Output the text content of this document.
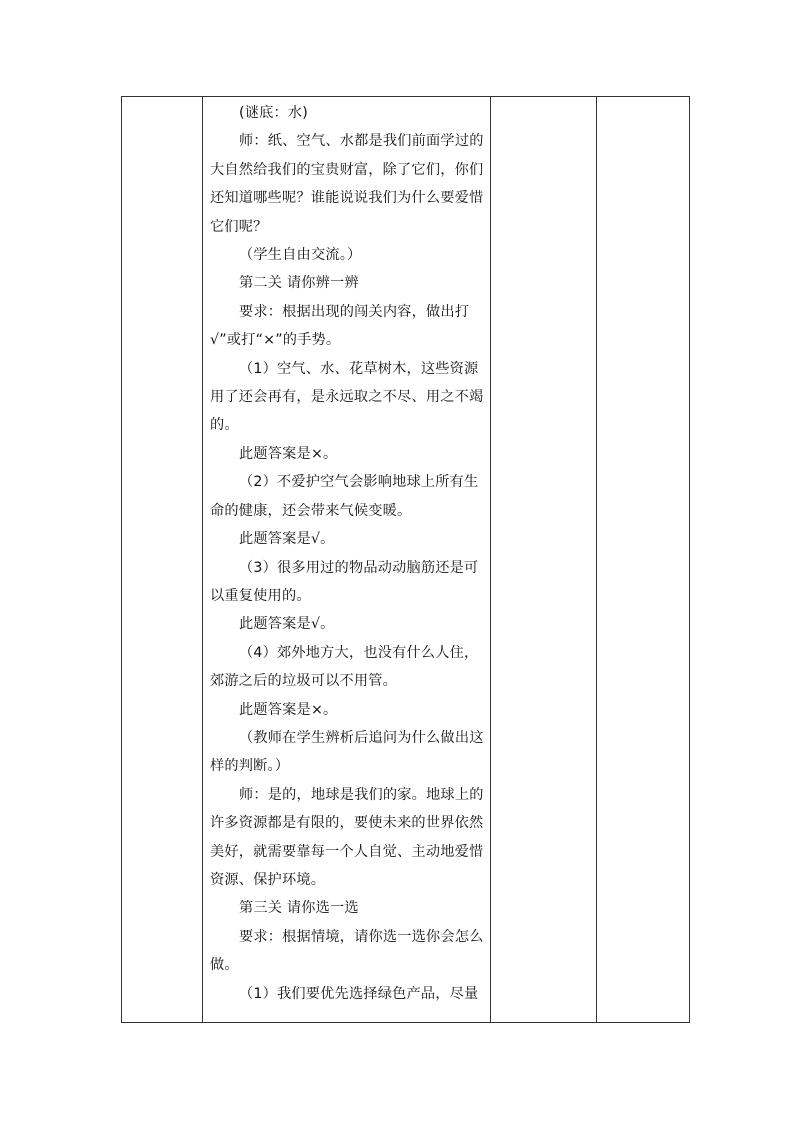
(谜底：水)

师：纸、空气、水都是我们前面学过的大自然给我们的宝贵财富，除了它们，你们还知道哪些呢？谁能说说我们为什么要爱惜它们呢？

（学生自由交流。）

第二关 请你辨一辨

要求：根据出现的闯关内容，做出打√”或打“×”的手势。

（1）空气、水、花草树木，这些资源用了还会再有，是永远取之不尽、用之不竭的。

此题答案是×。

（2）不爱护空气会影响地球上所有生命的健康，还会带来气候变暖。

此题答案是√。

（3）很多用过的物品动动脑筋还是可以重复使用的。

此题答案是√。

（4）郊外地方大，也没有什么人住，郊游之后的垃圾可以不用管。

此题答案是×。

（教师在学生辨析后追问为什么做出这样的判断。）

师：是的，地球是我们的家。地球上的许多资源都是有限的，要使未来的世界依然美好，就需要靠每一个人自觉、主动地爱惜资源、保护环境。

第三关 请你选一选

要求：根据情境，请你选一选你会怎么做。

（1）我们要优先选择绿色产品，尽量
